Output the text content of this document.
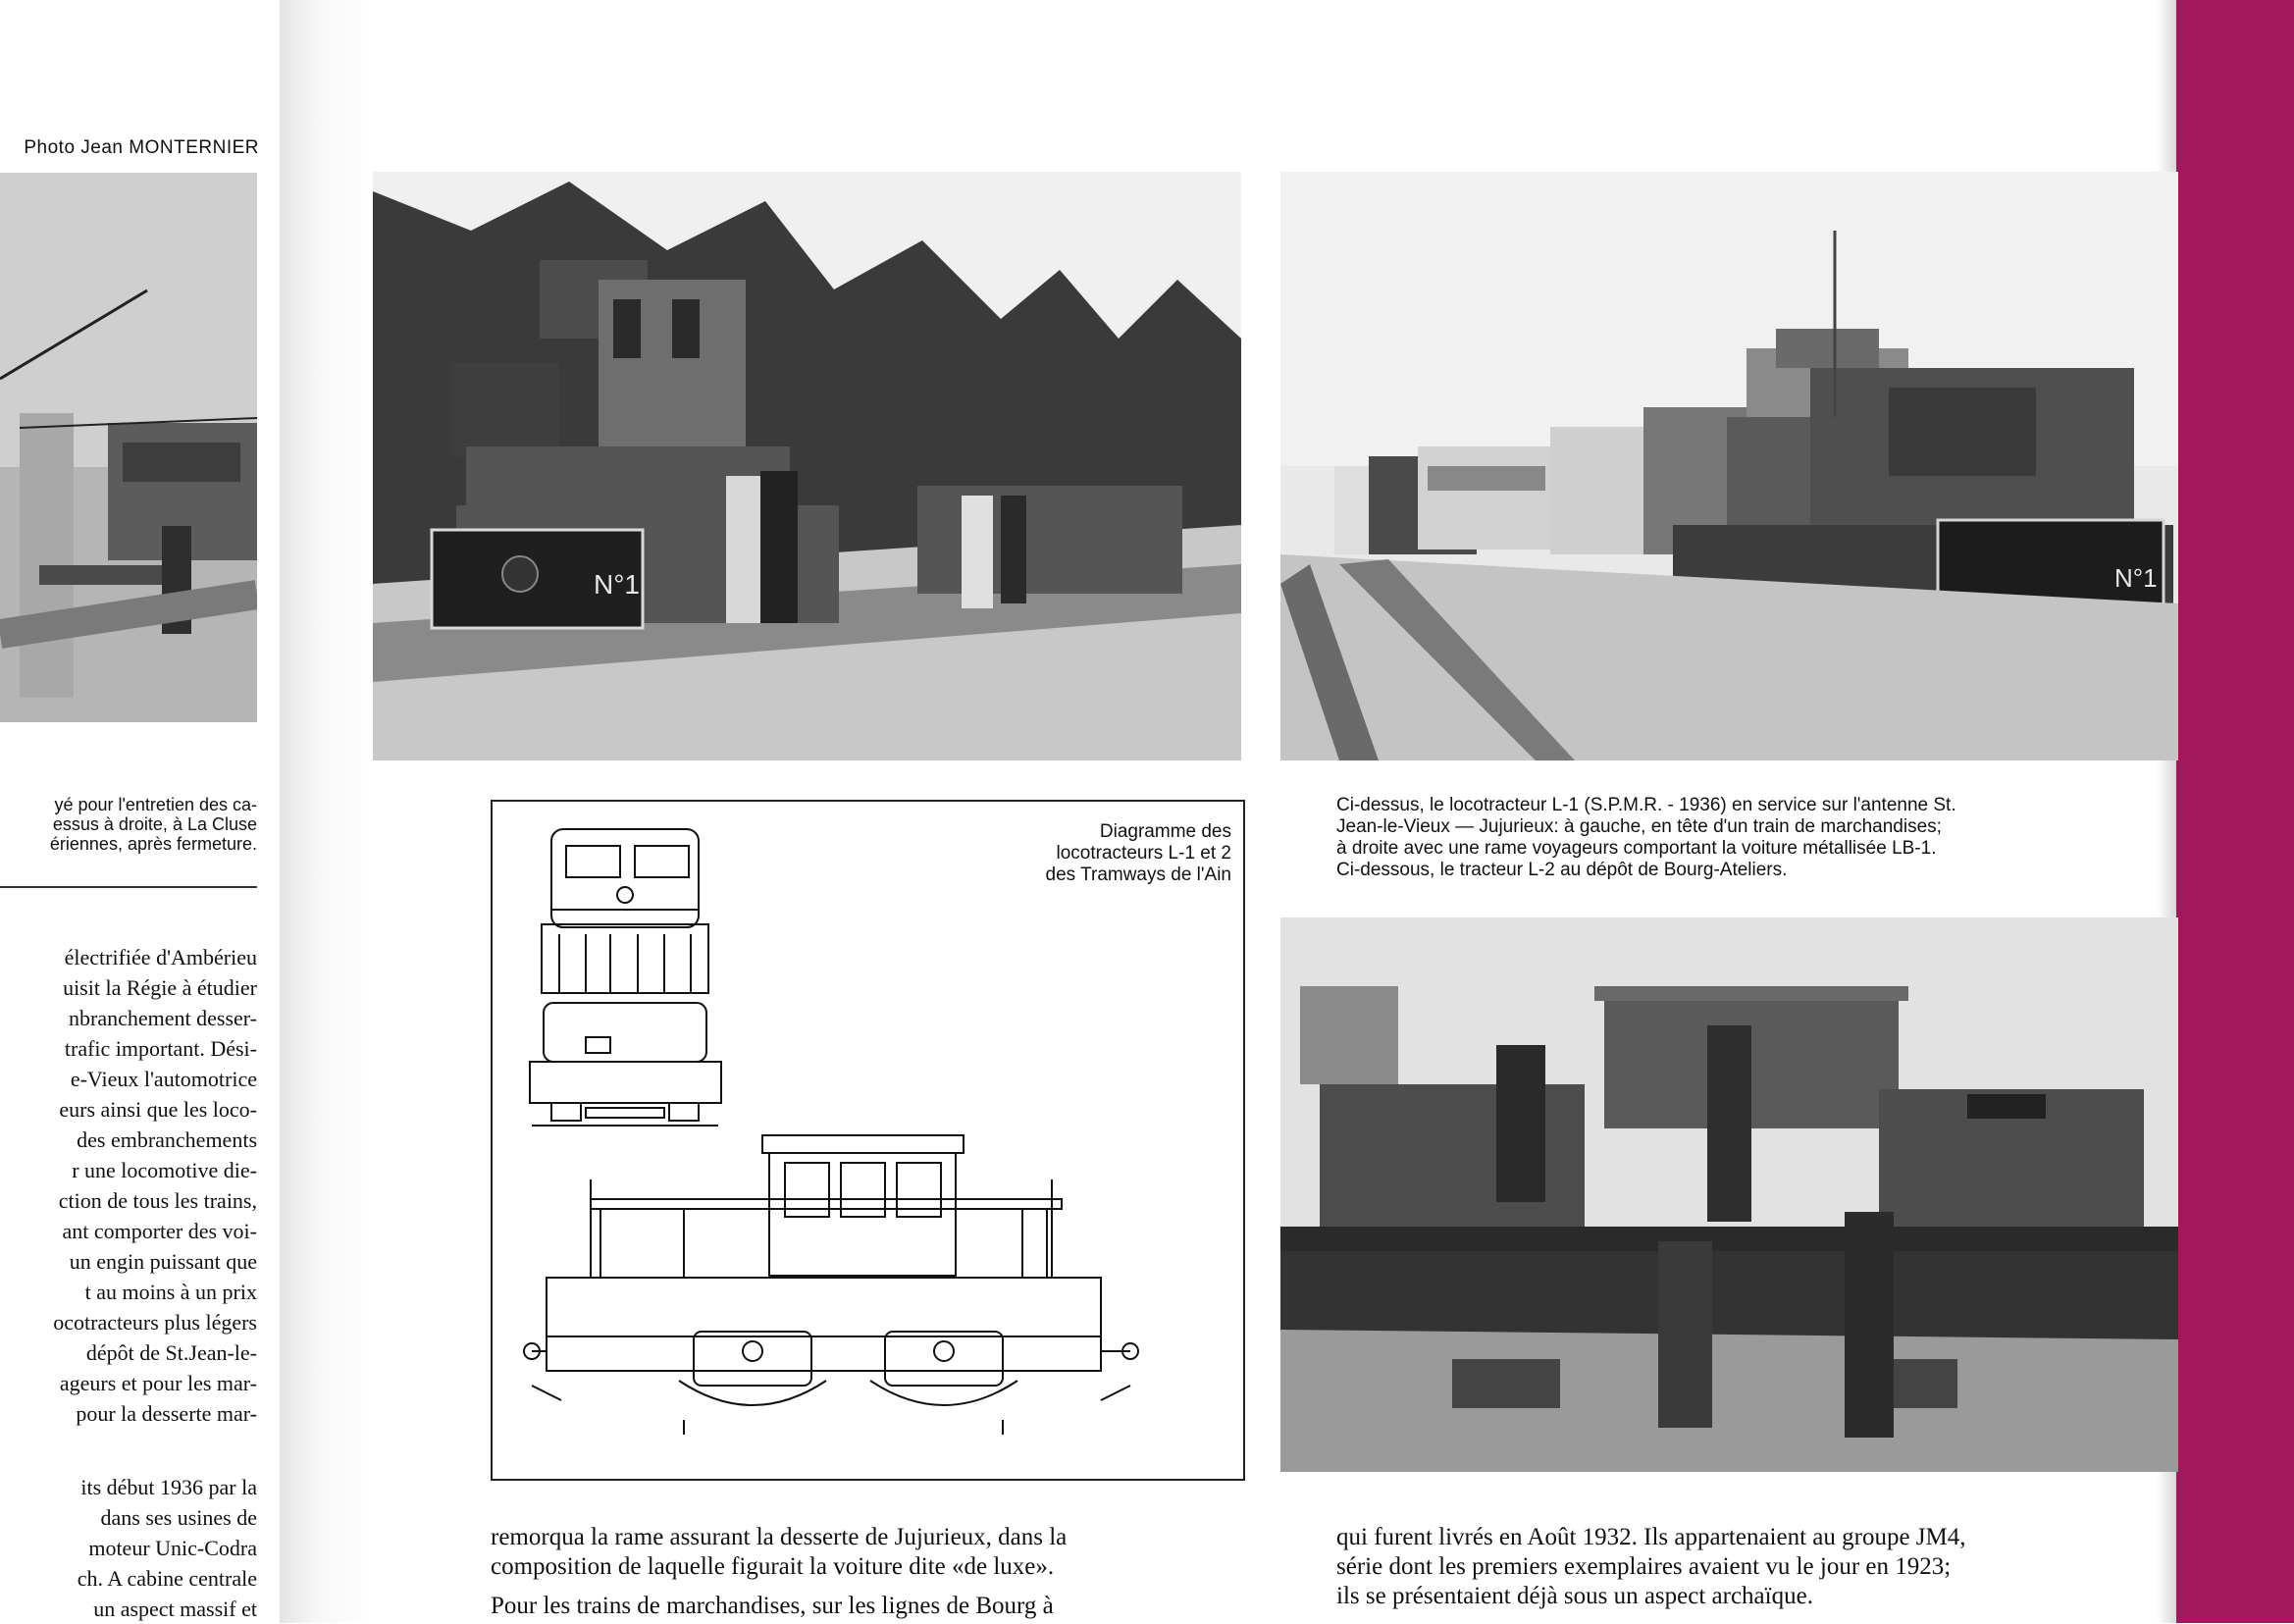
Photo Jean MONTERNIER
yé pour l'entretien des ca-
essus à droite, à La Cluse
ériennes, après fermeture.
électrifiée d'Ambérieu
uisit la Régie à étudier
nbranchement desser-
trafic important. Dési-
e-Vieux l'automotrice
eurs ainsi que les loco-
des embranchements
r une locomotive die-
ction de tous les trains,
ant comporter des voi-
un engin puissant que
t au moins à un prix
ocotracteurs plus légers
dépôt de St.Jean-le-
ageurs et pour les mar-
pour la desserte mar-
its début 1936 par la
dans ses usines de
moteur Unic-Codra
ch. A cabine centrale
un aspect massif et
N°1	N°1
Ci-dessus, le locotracteur L-1 (S.P.M.R. - 1936) en service sur l'antenne St.
Jean-le-Vieux — Jujurieux: à gauche, en tête d'un train de marchandises;
à droite avec une rame voyageurs comportant la voiture métallisée LB-1.
Ci-dessous, le tracteur L-2 au dépôt de Bourg-Ateliers.
Diagramme des
locotracteurs L-1 et 2
des Tramways de l'Ain
remorqua la rame assurant la desserte de Jujurieux, dans la
composition de laquelle figurait la voiture dite «de luxe».
Pour les trains de marchandises, sur les lignes de Bourg à
qui furent livrés en Août 1932. Ils appartenaient au groupe JM4,
série dont les premiers exemplaires avaient vu le jour en 1923;
ils se présentaient déjà sous un aspect archaïque.
